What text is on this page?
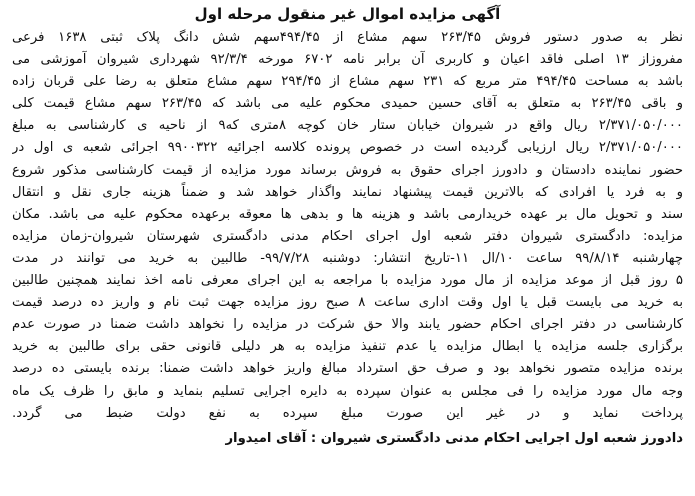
آگهی مزایده اموال غیر منقول مرحله اول
نظر به صدور دستور فروش ۲۶۳/۴۵ سهم مشاع از ۴۹۴/۴۵سهم شش دانگ پلاک ثبتی ۱۶۳۸ فرعی
مفروزاز ۱۳ اصلی فاقد اعیان و کاربری آن برابر نامه ۶۷۰۲ مورخه ۹۲/۳/۴ شهرداری شیروان آموزشی می
باشد به مساحت ۴۹۴/۴۵ متر مربع که ۲۳۱ سهم مشاع از ۲۹۴/۴۵ سهم مشاع متعلق به رضا علی قربان زاده
و باقی ۲۶۳/۴۵ به متعلق به آقای حسین حمیدی محکوم علیه می باشد که ۲۶۳/۴۵ سهم مشاع قیمت کلی
۲/۳۷۱/۰۵۰/۰۰۰ ریال واقع در شیروان خیابان ستار خان کوچه ۸متری که۹ از ناحیه ی کارشناسی به مبلغ
۲/۳۷۱/۰۵۰/۰۰۰ ریال ارزیابی گردیده است در خصوص پرونده کلاسه اجرائیه ۹۹۰۰۳۲۲ اجرائی شعبه ی اول در
حضور نماینده دادستان و دادورز اجرای حقوق به فروش برساند مورد مزایده از قیمت کارشناسی مذکور شروع
و به فرد یا افرادی که بالاترین قیمت پیشنهاد نمایند واگذار خواهد شد و ضمناً هزینه جاری نقل و انتقال
سند و تحویل مال بر عهده خریدارمی باشد و هزینه ها و بدهی ها معوقه برعهده محکوم علیه می باشد. مکان
مزایده: دادگستری شیروان دفتر شعبه اول اجرای احکام مدنی دادگستری شهرستان شیروان-زمان مزایده
چهارشنبه ۹۹/۸/۱۴ ساعت ۱۰/ال ۱۱-تاریخ انتشار: دوشنبه ۹۹/۷/۲۸- طالبین به خرید می توانند در مدت
۵ روز قبل از موعد مزایده از مال مورد مزایده با مراجعه به این اجرای معرفی نامه اخذ نمایند همچنین طالبین
به خرید می بایست قبل یا اول وقت اداری ساعت ۸ صبح روز مزایده جهت ثبت نام و واریز ده درصد قیمت
کارشناسی در دفتر اجرای احکام حضور یابند والا حق شرکت در مزایده را نخواهد داشت ضمنا در صورت عدم
برگزاری جلسه مزایده یا ابطال مزایده یا عدم تنفیذ مزایده به هر دلیلی قانونی حقی برای طالبین به خرید
برنده مزایده متصور نخواهد بود و صرف حق استرداد مبالغ واریز خواهد داشت ضمنا: برنده بایستی ده درصد
وجه مال مورد مزایده را فی مجلس به عنوان سپرده به دایره اجرایی تسلیم بنماید و مابق را ظرف یک ماه
پرداخت نماید و در غیر این صورت مبلغ سپرده به نفع دولت ضبط می گردد.
دادورز شعبه اول اجرایی احکام مدنی دادگستری شیروان : آقای امیدوار
